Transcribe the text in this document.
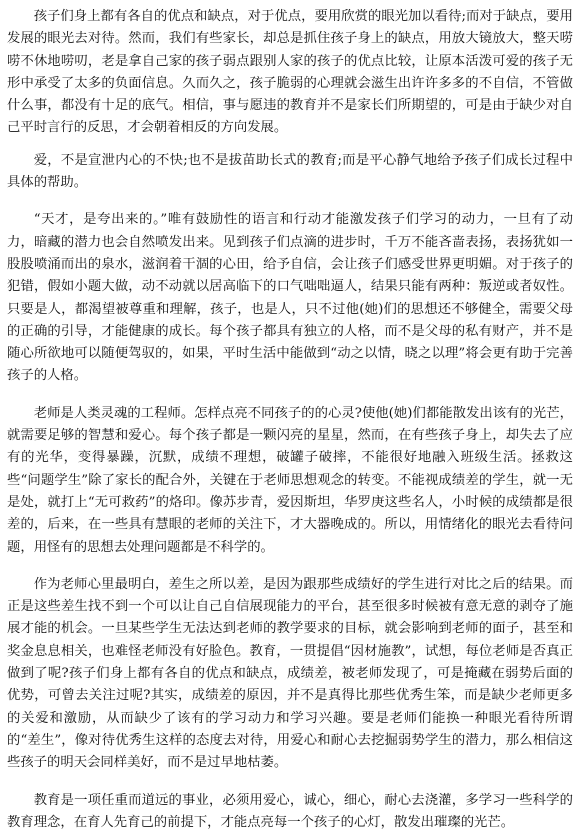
孩子们身上都有各自的优点和缺点，对于优点，要用欣赏的眼光加以看待;而对于缺点，要用发展的眼光去对待。然而，我们有些家长，却总是抓住孩子身上的缺点，用放大镜放大，整天唠唠不休地唠叨，老是拿自己家的孩子弱点跟别人家的孩子的优点比较，让原本活泼可爱的孩子无形中承受了太多的负面信息。久而久之，孩子脆弱的心理就会滋生出许许多多的不自信，不管做什么事，都没有十足的底气。相信，事与愿违的教育并不是家长们所期望的，可是由于缺少对自己平时言行的反思，才会朝着相反的方向发展。

爱，不是宣泄内心的不快;也不是拔苗助长式的教育;而是平心静气地给予孩子们成长过程中具体的帮助。

“天才，是夸出来的。”唯有鼓励性的语言和行动才能激发孩子们学习的动力，一旦有了动力，暗藏的潜力也会自然喷发出来。见到孩子们点滴的进步时，千万不能吝啬表扬，表扬犹如一股股喷涌而出的泉水，滋润着干涸的心田，给予自信，会让孩子们感受世界更明媚。对于孩子的犯错，假如小题大做，动不动就以居高临下的口气咄咄逼人，结果只能有两种：叛逆或者奴性。只要是人，都渴望被尊重和理解，孩子，也是人，只不过他(她)们的思想还不够健全，需要父母的正确的引导，才能健康的成长。每个孩子都具有独立的人格，而不是父母的私有财产，并不是随心所欲地可以随便驾驭的，如果，平时生活中能做到“动之以情，晓之以理”将会更有助于完善孩子的人格。

老师是人类灵魂的工程师。怎样点亮不同孩子的的心灵?使他(她)们都能散发出该有的光芒，就需要足够的智慧和爱心。每个孩子都是一颗闪亮的星星，然而，在有些孩子身上，却失去了应有的光华，变得暴躁，沉默，成绩不理想，破罐子破摔，不能很好地融入班级生活。拯救这些“问题学生”除了家长的配合外，关键在于老师思想观念的转变。不能视成绩差的学生，就一无是处，就打上“无可救药”的烙印。像苏步青，爱因斯坦，华罗庚这些名人，小时候的成绩都是很差的，后来，在一些具有慧眼的老师的关注下，才大器晚成的。所以，用情绪化的眼光去看待问题，用怪有的思想去处理问题都是不科学的。

作为老师心里最明白，差生之所以差，是因为跟那些成绩好的学生进行对比之后的结果。而正是这些差生找不到一个可以让自己自信展现能力的平台，甚至很多时候被有意无意的剥夺了施展才能的机会。一旦某些学生无法达到老师的教学要求的目标，就会影响到老师的面子，甚至和奖金息息相关，也难怪老师没有好脸色。教育，一贯提倡“因材施教”，试想，每位老师是否真正做到了呢?孩子们身上都有各自的优点和缺点，成绩差，被老师发现了，可是掩藏在弱势后面的优势，可曾去关注过呢?其实，成绩差的原因，并不是真得比那些优秀生笨，而是缺少老师更多的关爱和激励，从而缺少了该有的学习动力和学习兴趣。要是老师们能换一种眼光看待所谓的“差生”，像对待优秀生这样的态度去对待，用爱心和耐心去挖掘弱势学生的潜力，那么相信这些孩子的明天会同样美好，而不是过早地枯萎。

教育是一项任重而道远的事业，必须用爱心，诚心，细心，耐心去浇灌，多学习一些科学的教育理念，在育人先育己的前提下，才能点亮每一个孩子的心灯，散发出璀璨的光芒。
